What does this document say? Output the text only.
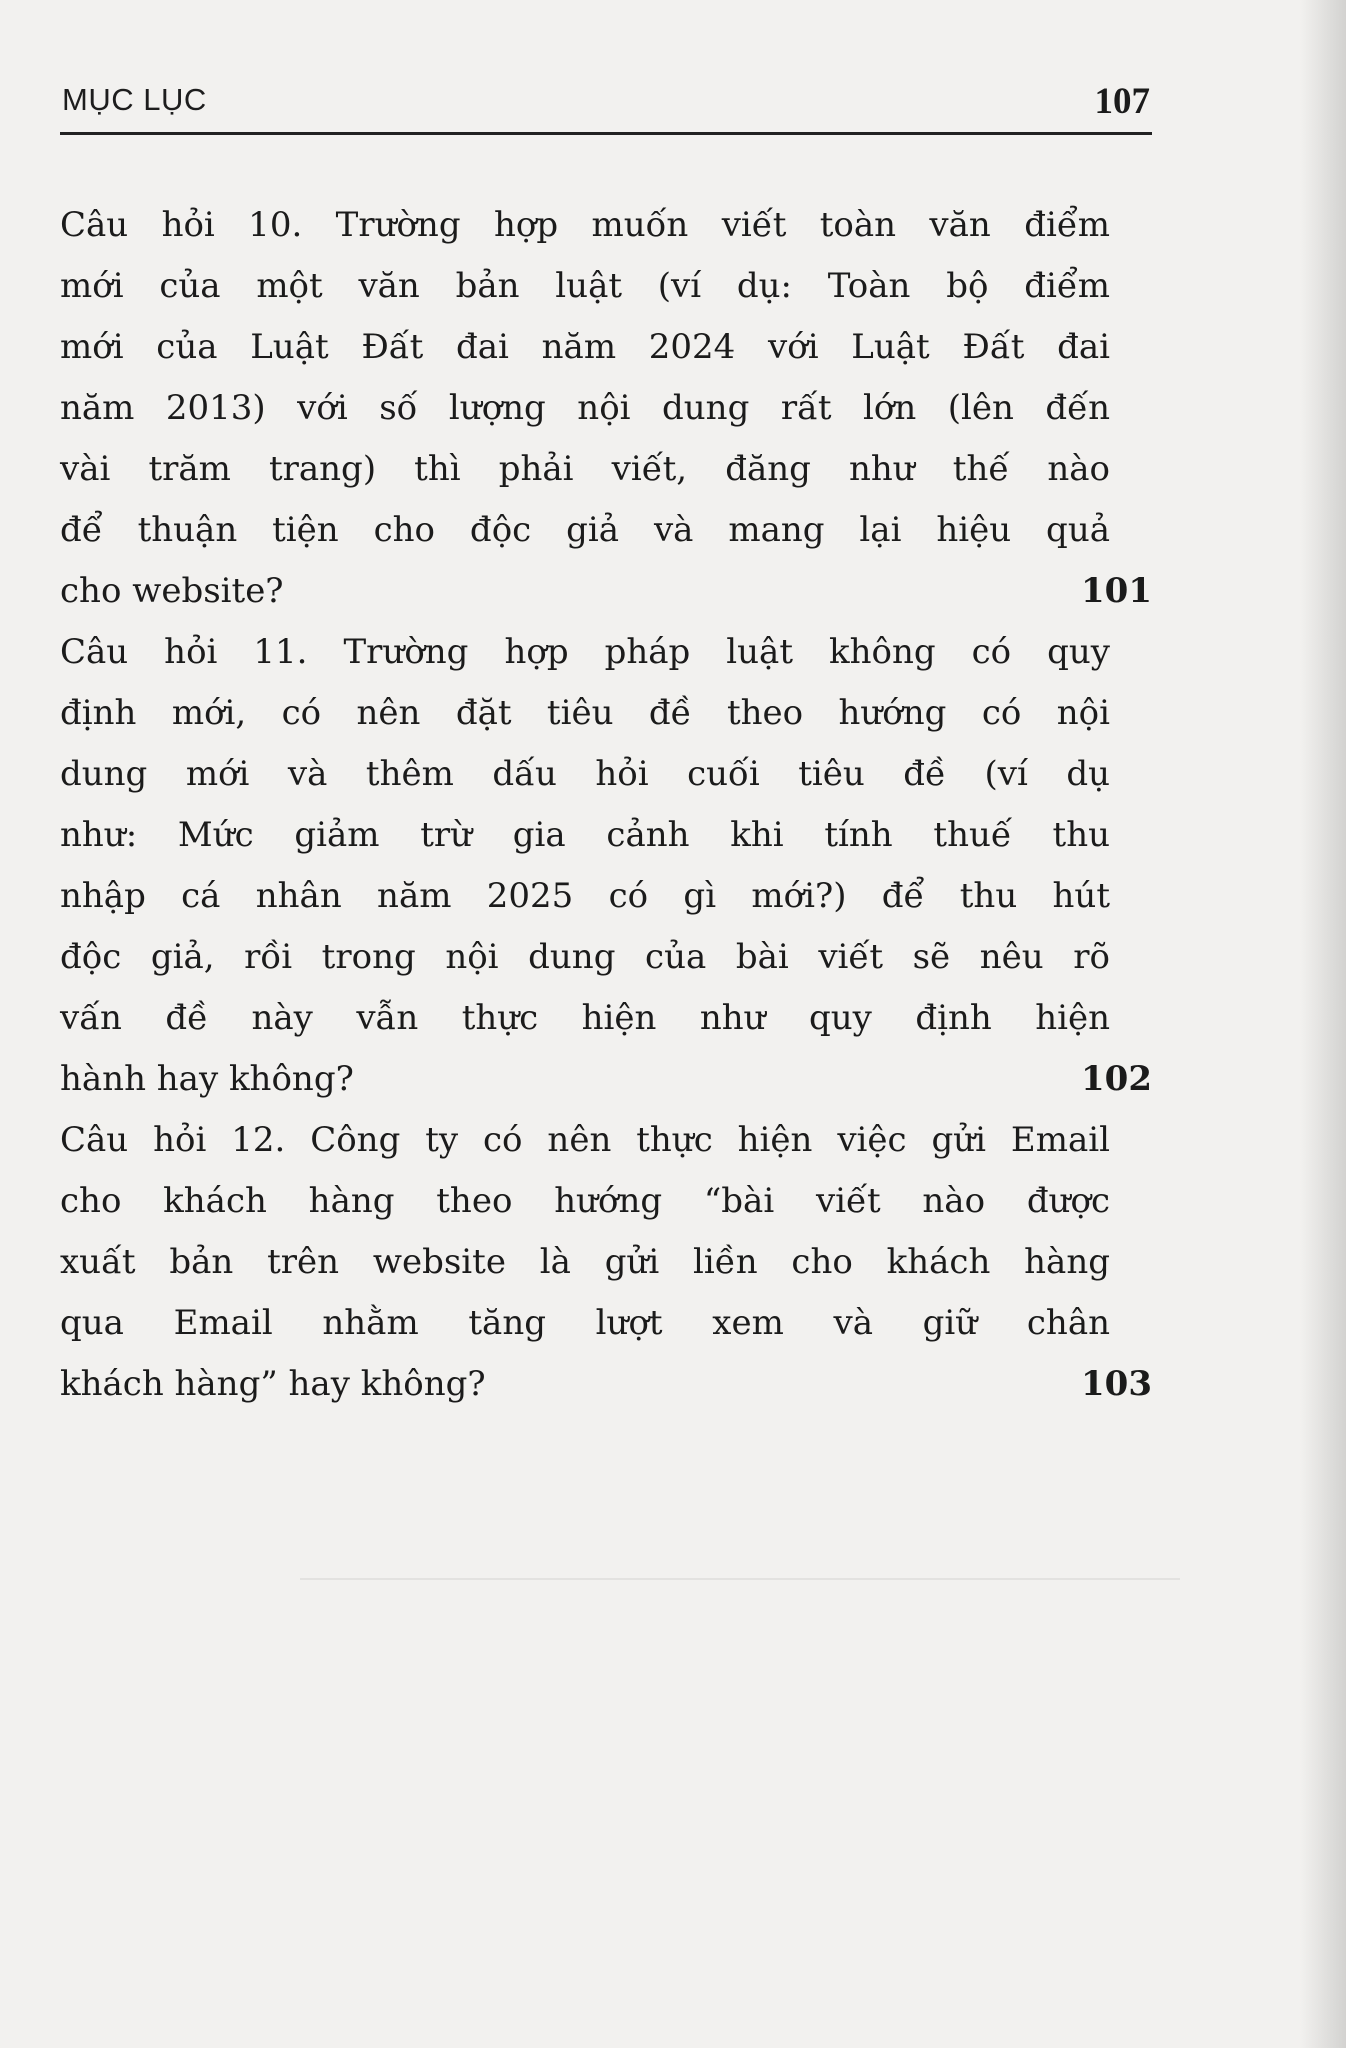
MỤC LỤC	107
Câu hỏi 10. Trường hợp muốn viết toàn văn điểm
mới của một văn bản luật (ví dụ: Toàn bộ điểm
mới của Luật Đất đai năm 2024 với Luật Đất đai
năm 2013) với số lượng nội dung rất lớn (lên đến
vài trăm trang) thì phải viết, đăng như thế nào
để thuận tiện cho độc giả và mang lại hiệu quả
cho website?	101
Câu hỏi 11. Trường hợp pháp luật không có quy
định mới, có nên đặt tiêu đề theo hướng có nội
dung mới và thêm dấu hỏi cuối tiêu đề (ví dụ
như: Mức giảm trừ gia cảnh khi tính thuế thu
nhập cá nhân năm 2025 có gì mới?) để thu hút
độc giả, rồi trong nội dung của bài viết sẽ nêu rõ
vấn đề này vẫn thực hiện như quy định hiện
hành hay không?	102
Câu hỏi 12. Công ty có nên thực hiện việc gửi Email
cho khách hàng theo hướng “bài viết nào được
xuất bản trên website là gửi liền cho khách hàng
qua Email nhằm tăng lượt xem và giữ chân
khách hàng” hay không?	103
